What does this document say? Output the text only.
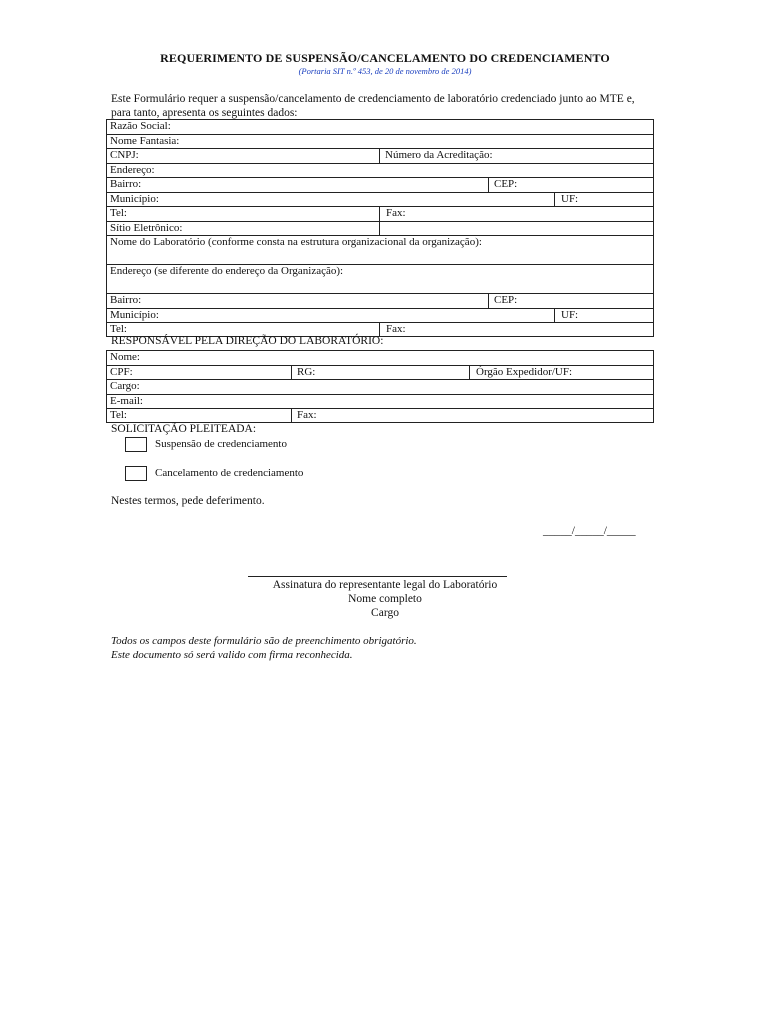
REQUERIMENTO DE SUSPENSÃO/CANCELAMENTO DO CREDENCIAMENTO
(Portaria SIT n.º 453, de 20 de novembro de 2014)
Este Formulário requer a suspensão/cancelamento de credenciamento de laboratório credenciado junto ao MTE e, para tanto, apresenta os seguintes dados:
Razão Social:
Nome Fantasia:
CNPJ:	Número da Acreditação:
Endereço:
Bairro:	CEP:
Município:	UF:
Tel:	Fax:
Sítio Eletrônico:
Nome do Laboratório (conforme consta na estrutura organizacional da organização):
Endereço (se diferente do endereço da Organização):
Bairro:	CEP:
Município:	UF:
Tel:	Fax:
RESPONSÁVEL PELA DIREÇÃO DO LABORATÓRIO:
Nome:
CPF:	RG:	Órgão Expedidor/UF:
Cargo:
E-mail:
Tel:	Fax:
SOLICITAÇÃO PLEITEADA:
Suspensão de credenciamento
Cancelamento de credenciamento
Nestes termos, pede deferimento.
_____/_____/_____
Assinatura do representante legal do Laboratório
Nome completo
Cargo
Todos os campos deste formulário são de preenchimento obrigatório.
Este documento só será valido com firma reconhecida.
